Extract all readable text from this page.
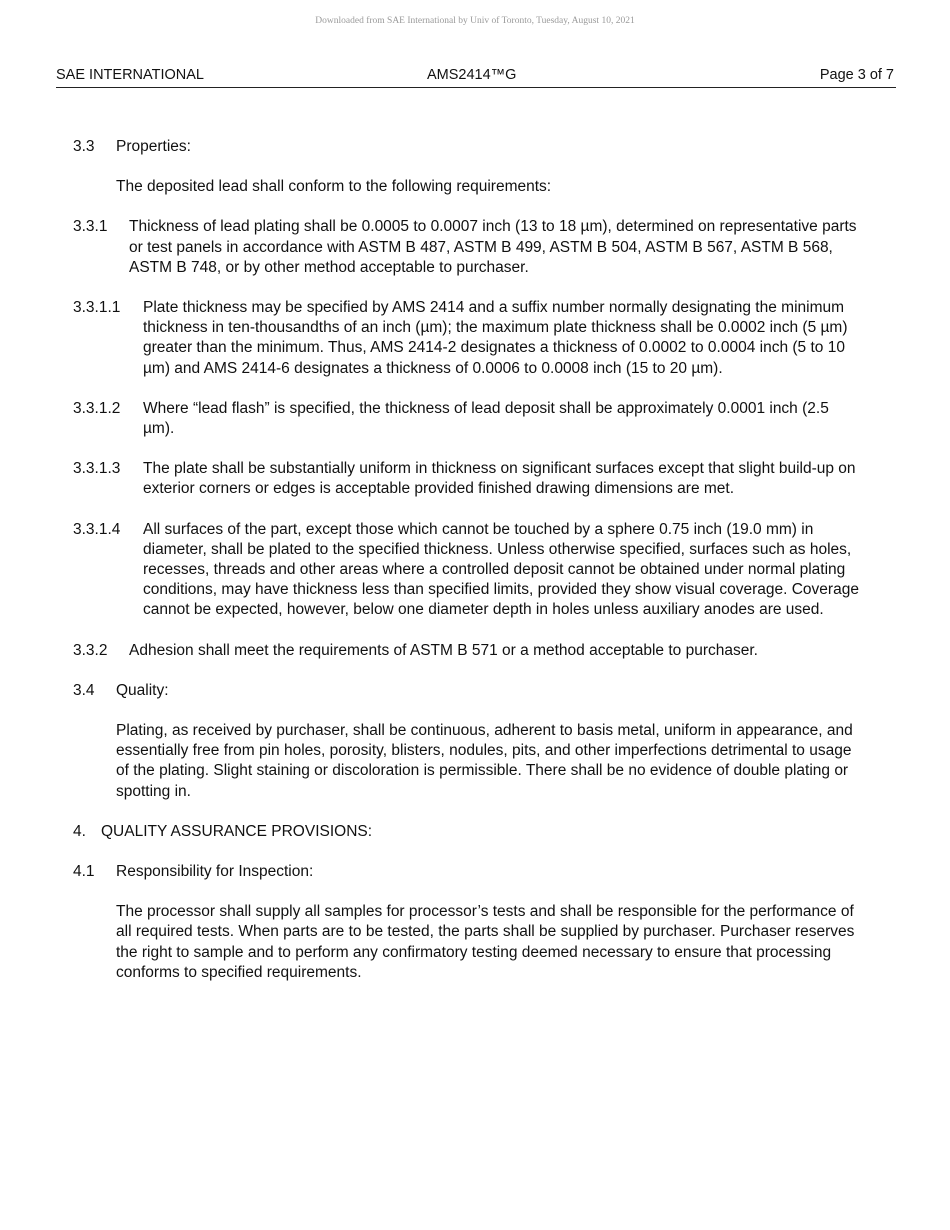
Downloaded from SAE International by Univ of Toronto, Tuesday, August 10, 2021
SAE INTERNATIONAL	AMS2414™G	Page 3 of 7
3.3 Properties:
The deposited lead shall conform to the following requirements:
3.3.1 Thickness of lead plating shall be 0.0005 to 0.0007 inch (13 to 18 µm), determined on representative parts or test panels in accordance with ASTM B 487, ASTM B 499, ASTM B 504, ASTM B 567, ASTM B 568, ASTM B 748, or by other method acceptable to purchaser.
3.3.1.1 Plate thickness may be specified by AMS 2414 and a suffix number normally designating the minimum thickness in ten-thousandths of an inch (µm); the maximum plate thickness shall be 0.0002 inch (5 µm) greater than the minimum. Thus, AMS 2414-2 designates a thickness of 0.0002 to 0.0004 inch (5 to 10 µm) and AMS 2414-6 designates a thickness of 0.0006 to 0.0008 inch (15 to 20 µm).
3.3.1.2 Where “lead flash” is specified, the thickness of lead deposit shall be approximately 0.0001 inch (2.5 µm).
3.3.1.3 The plate shall be substantially uniform in thickness on significant surfaces except that slight build-up on exterior corners or edges is acceptable provided finished drawing dimensions are met.
3.3.1.4 All surfaces of the part, except those which cannot be touched by a sphere 0.75 inch (19.0 mm) in diameter, shall be plated to the specified thickness. Unless otherwise specified, surfaces such as holes, recesses, threads and other areas where a controlled deposit cannot be obtained under normal plating conditions, may have thickness less than specified limits, provided they show visual coverage. Coverage cannot be expected, however, below one diameter depth in holes unless auxiliary anodes are used.
3.3.2 Adhesion shall meet the requirements of ASTM B 571 or a method acceptable to purchaser.
3.4 Quality:
Plating, as received by purchaser, shall be continuous, adherent to basis metal, uniform in appearance, and essentially free from pin holes, porosity, blisters, nodules, pits, and other imperfections detrimental to usage of the plating. Slight staining or discoloration is permissible. There shall be no evidence of double plating or spotting in.
4. QUALITY ASSURANCE PROVISIONS:
4.1 Responsibility for Inspection:
The processor shall supply all samples for processor’s tests and shall be responsible for the performance of all required tests. When parts are to be tested, the parts shall be supplied by purchaser. Purchaser reserves the right to sample and to perform any confirmatory testing deemed necessary to ensure that processing conforms to specified requirements.
